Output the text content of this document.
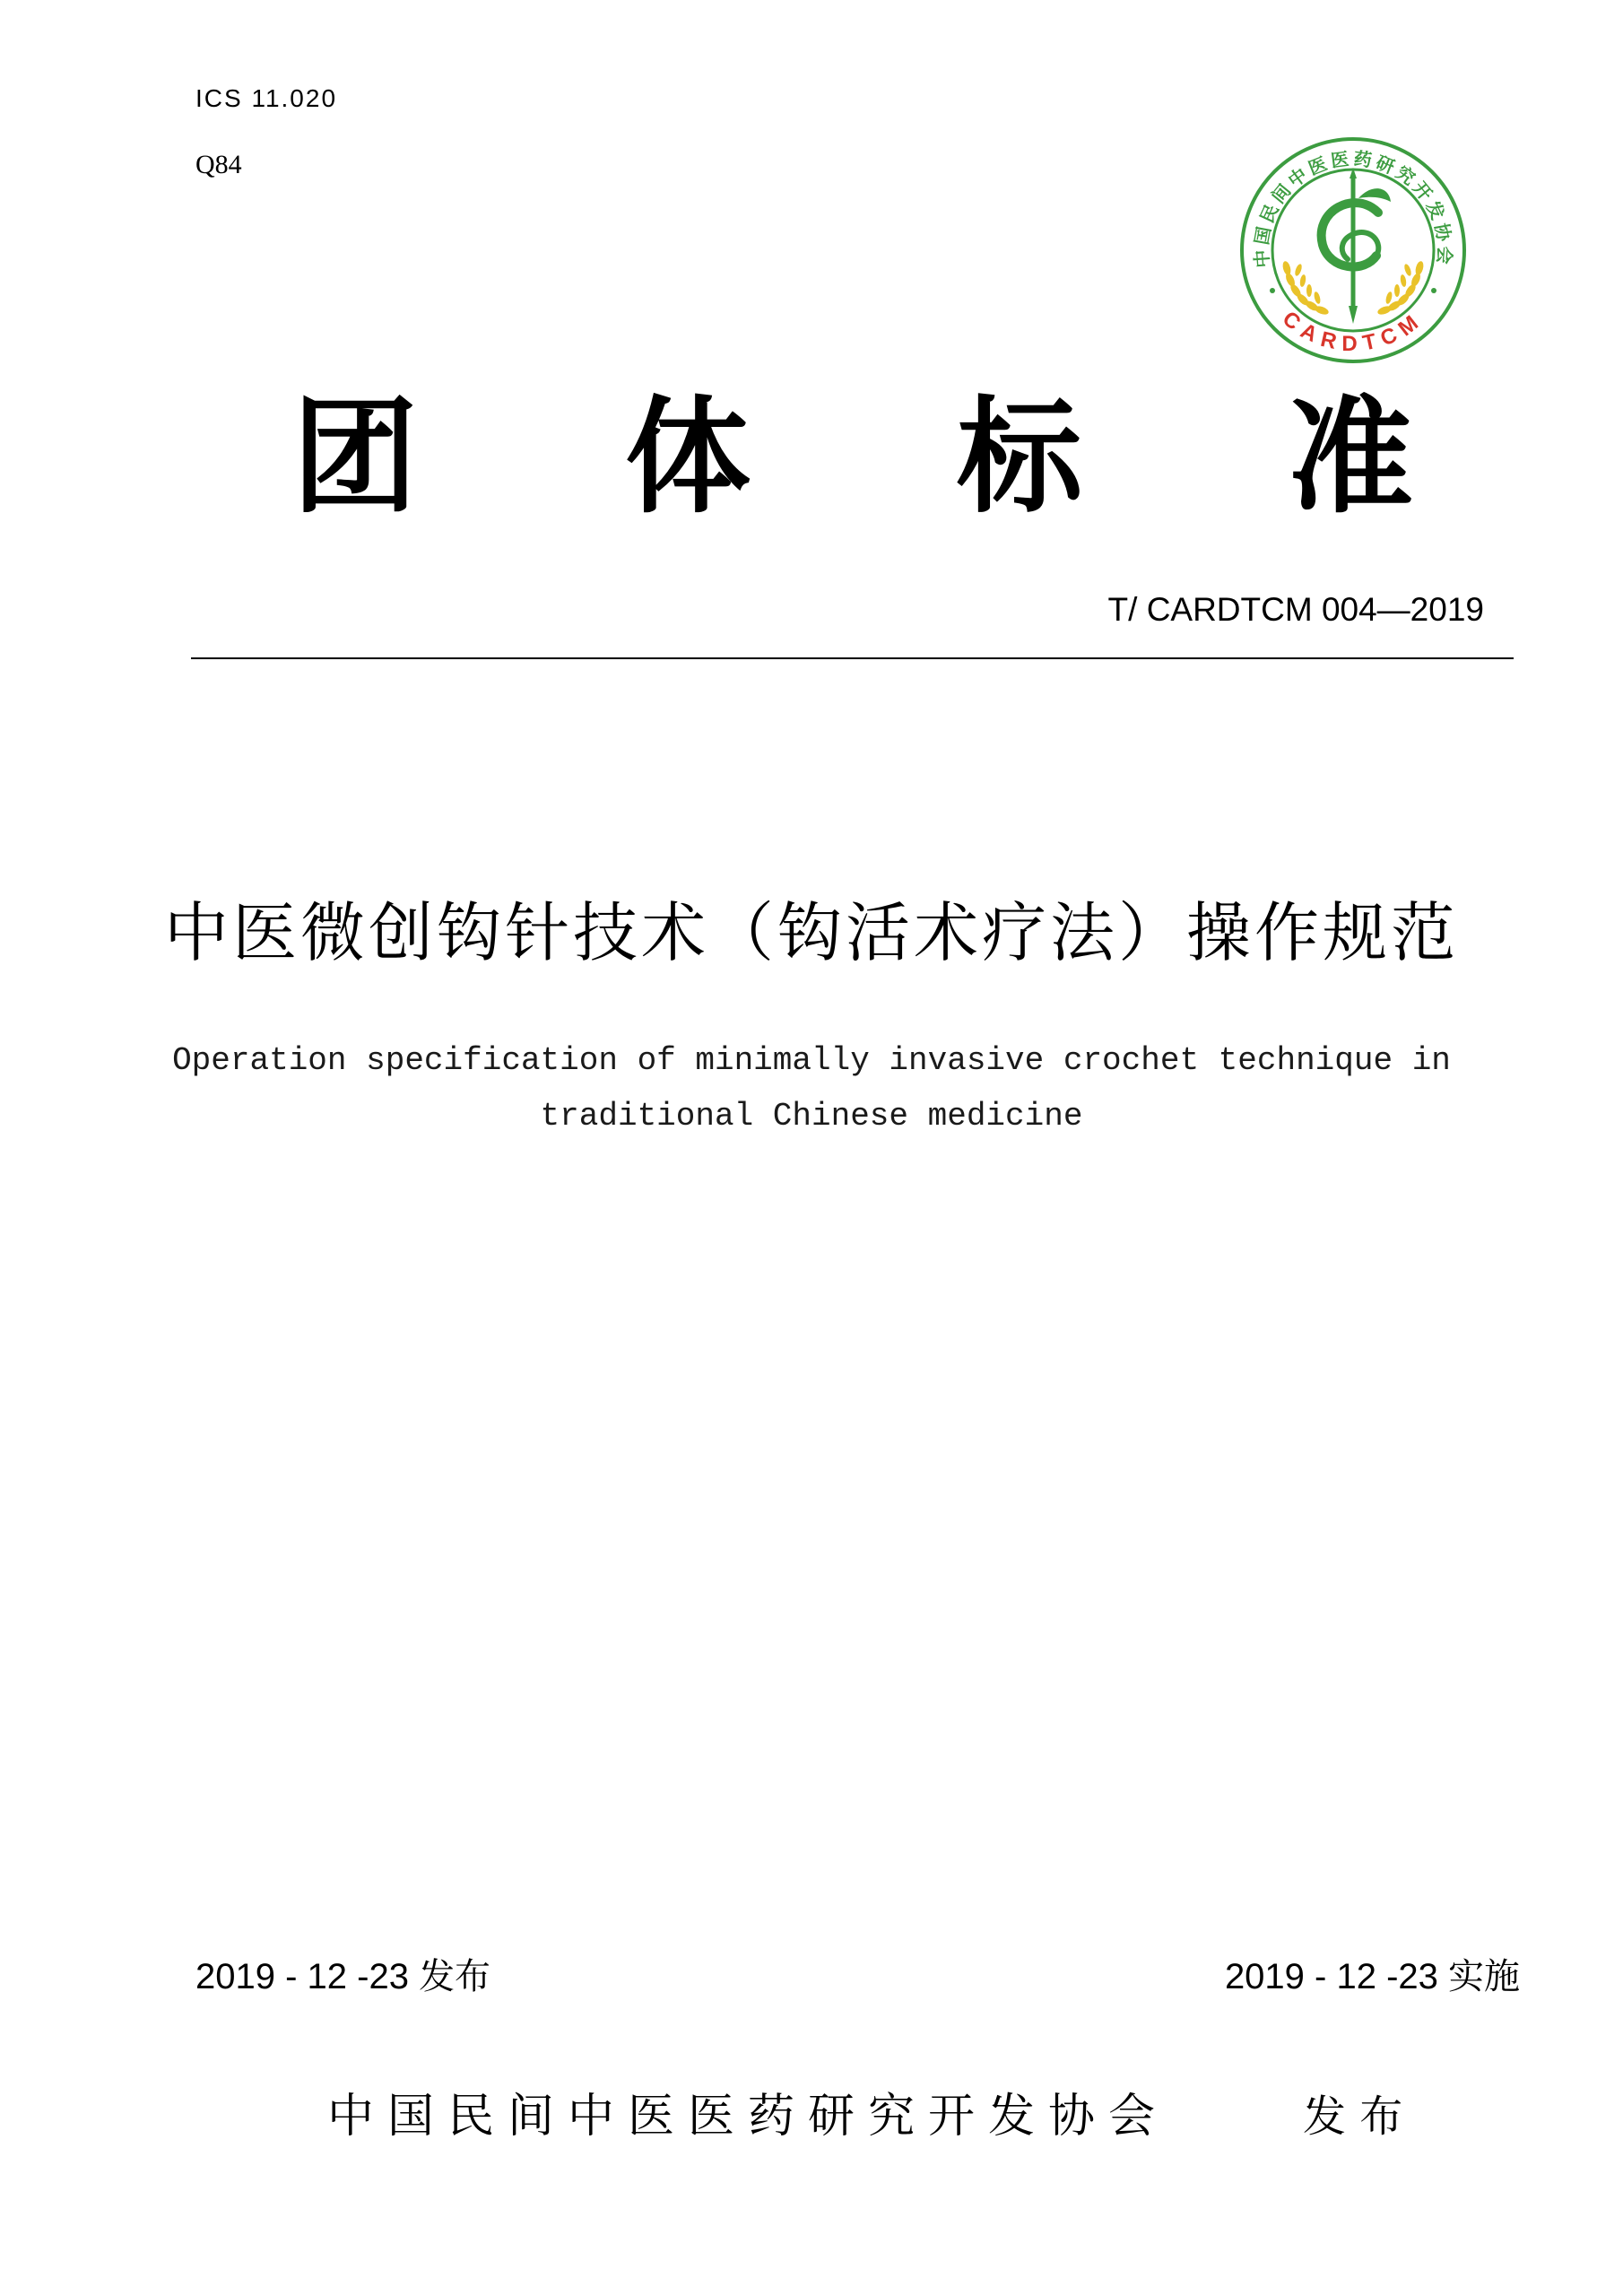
ICS 11.020
Q84
中国民间中医医药研究开发协会
CARDTCM
团 体 标 准
T/ CARDTCM 004—2019
中医微创钩针技术（钩活术疗法）操作规范
Operation specification of minimally invasive crochet technique in
traditional Chinese medicine
2019 - 12 -23 发布	2019 - 12 -23 实施
中国民间中医医药研究开发协会	发 布
